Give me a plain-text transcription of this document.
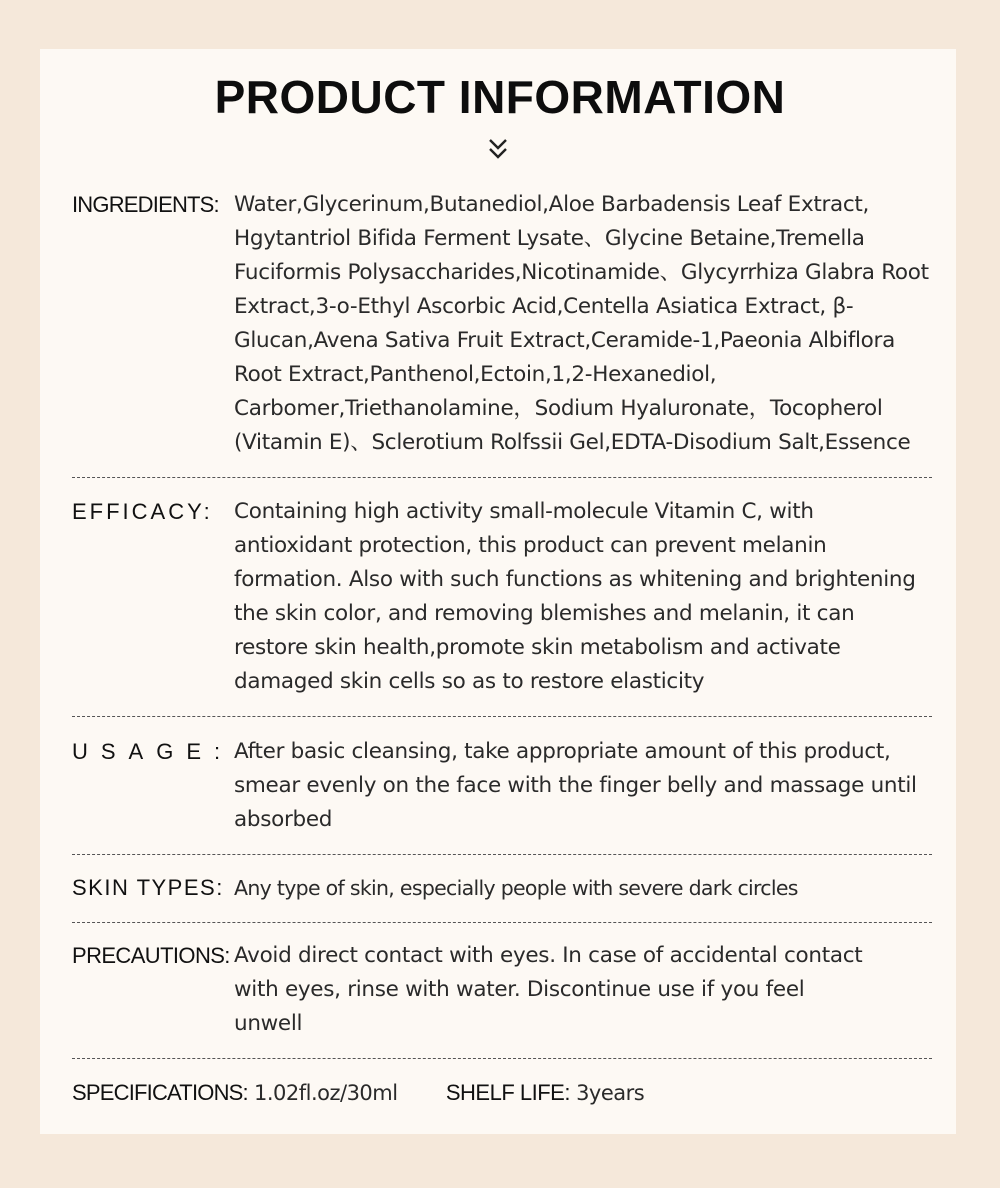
PRODUCT INFORMATION
INGREDIENTS: Water,Glycerinum,Butanediol,Aloe Barbadensis Leaf Extract, Hgytantriol Bifida Ferment Lysate、Glycine Betaine,Tremella Fuciformis Polysaccharides,Nicotinamide、Glycyrrhiza Glabra Root Extract,3-o-Ethyl Ascorbic Acid,Centella Asiatica Extract, β-Glucan,Avena Sativa Fruit Extract,Ceramide-1,Paeonia Albiflora Root Extract,Panthenol,Ectoin,1,2-Hexanediol, Carbomer,Triethanolamine，Sodium Hyaluronate，Tocopherol (Vitamin E)、Sclerotium Rolfssii Gel,EDTA-Disodium Salt,Essence
EFFICACY: Containing high activity small-molecule Vitamin C, with antioxidant protection, this product can prevent melanin formation. Also with such functions as whitening and brightening the skin color, and removing blemishes and melanin, it can restore skin health,promote skin metabolism and activate damaged skin cells so as to restore elasticity
USAGE: After basic cleansing, take appropriate amount of this product, smear evenly on the face with the finger belly and massage until absorbed
SKIN TYPES: Any type of skin, especially people with severe dark circles
PRECAUTIONS: Avoid direct contact with eyes. In case of accidental contact with eyes, rinse with water. Discontinue use if you feel unwell
SPECIFICATIONS: 1.02fl.oz/30ml SHELF LIFE: 3years
